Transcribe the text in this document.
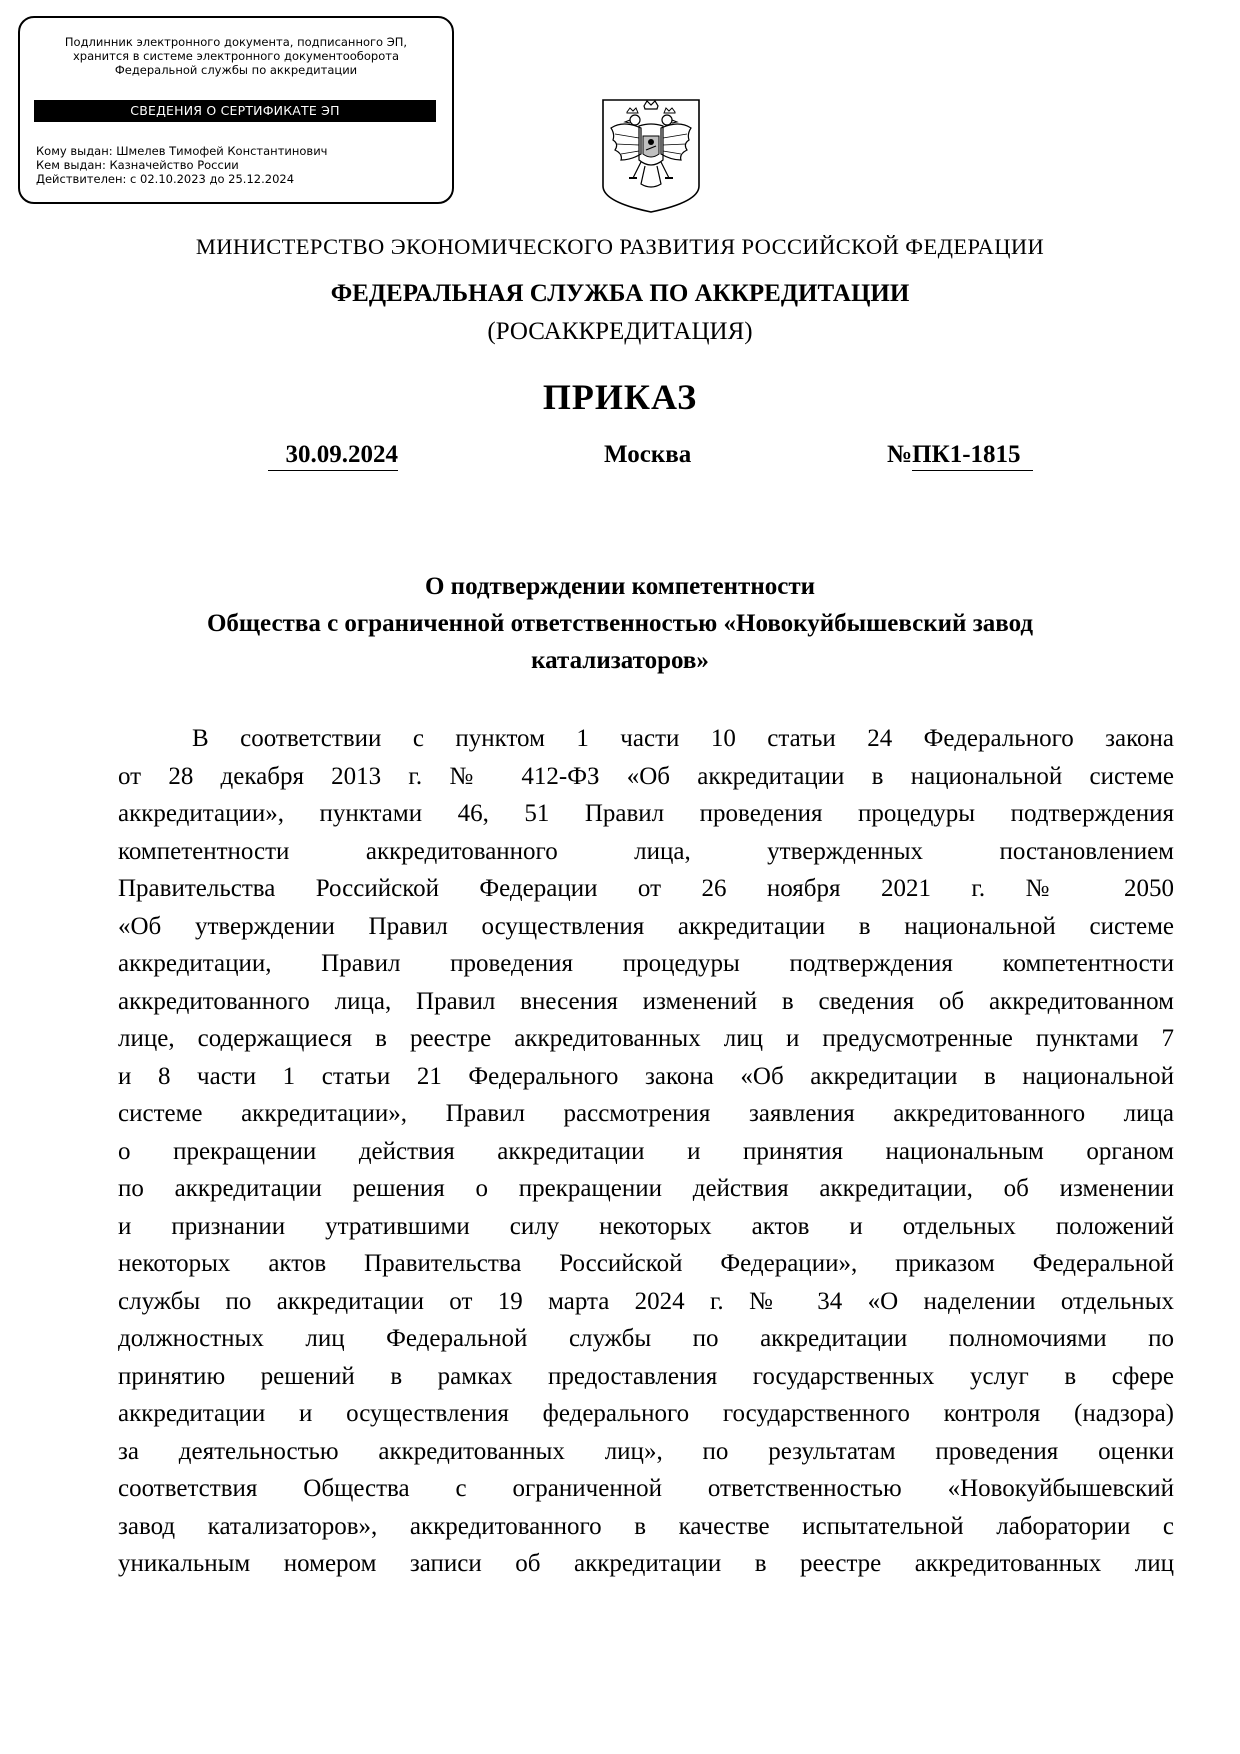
Подлинник электронного документа, подписанного ЭП,
хранится в системе электронного документооборота
Федеральной службы по аккредитации
СВЕДЕНИЯ О СЕРТИФИКАТЕ ЭП
Кому выдан: Шмелев Тимофей Константинович
Кем выдан: Казначейство России
Действителен: с 02.10.2023 до 25.12.2024
МИНИСТЕРСТВО ЭКОНОМИЧЕСКОГО РАЗВИТИЯ РОССИЙСКОЙ ФЕДЕРАЦИИ
ФЕДЕРАЛЬНАЯ СЛУЖБА ПО АККРЕДИТАЦИИ
(РОСАККРЕДИТАЦИЯ)
ПРИКАЗ
30.09.2024	Москва	№ПК1-1815
О подтверждении компетентности
Общества с ограниченной ответственностью «Новокуйбышевский завод
катализаторов»
В соответствии с пунктом 1 части 10 статьи 24 Федерального закона
от 28 декабря 2013 г. № 412-ФЗ «Об аккредитации в национальной системе
аккредитации», пунктами 46, 51 Правил проведения процедуры подтверждения
компетентности аккредитованного лица, утвержденных постановлением
Правительства Российской Федерации от 26 ноября 2021 г. № 2050
«Об утверждении Правил осуществления аккредитации в национальной системе
аккредитации, Правил проведения процедуры подтверждения компетентности
аккредитованного лица, Правил внесения изменений в сведения об аккредитованном
лице, содержащиеся в реестре аккредитованных лиц и предусмотренные пунктами 7
и 8 части 1 статьи 21 Федерального закона «Об аккредитации в национальной
системе аккредитации», Правил рассмотрения заявления аккредитованного лица
о прекращении действия аккредитации и принятия национальным органом
по аккредитации решения о прекращении действия аккредитации, об изменении
и признании утратившими силу некоторых актов и отдельных положений
некоторых актов Правительства Российской Федерации», приказом Федеральной
службы по аккредитации от 19 марта 2024 г. № 34 «О наделении отдельных
должностных лиц Федеральной службы по аккредитации полномочиями по
принятию решений в рамках предоставления государственных услуг в сфере
аккредитации и осуществления федерального государственного контроля (надзора)
за деятельностью аккредитованных лиц», по результатам проведения оценки
соответствия Общества с ограниченной ответственностью «Новокуйбышевский
завод катализаторов», аккредитованного в качестве испытательной лаборатории с
уникальным номером записи об аккредитации в реестре аккредитованных лиц
